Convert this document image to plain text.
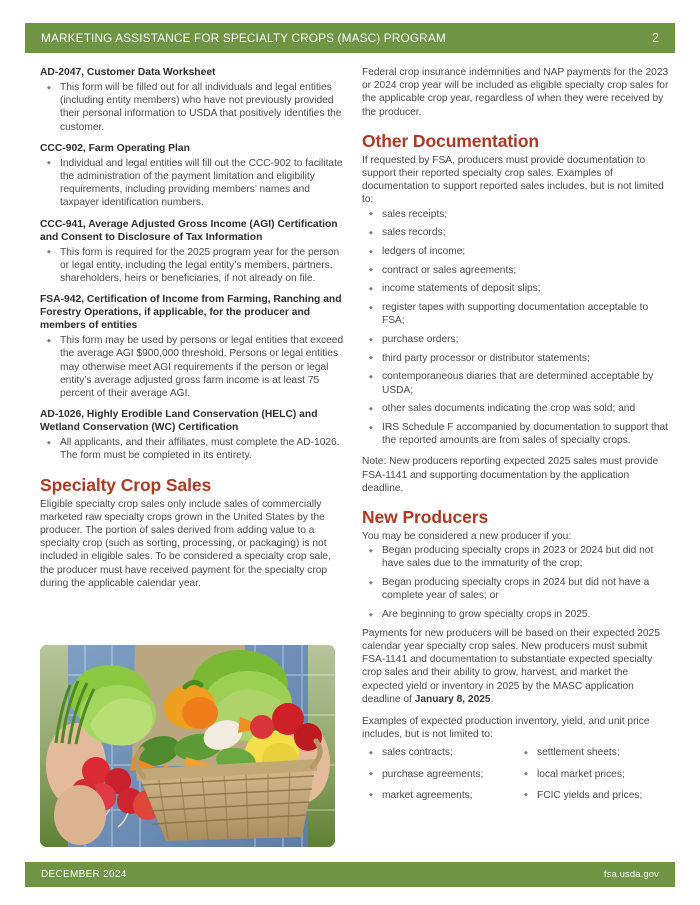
MARKETING ASSISTANCE FOR SPECIALTY CROPS (MASC) PROGRAM	2

AD-2047, Customer Data Worksheet

◆ This form will be filled out for all individuals and legal entities (including entity members) who have not previously provided their personal information to USDA that positively identifies the customer.

CCC-902, Farm Operating Plan

◆ Individual and legal entities will fill out the CCC-902 to facilitate the administration of the payment limitation and eligibility requirements, including providing members’ names and taxpayer identification numbers.

CCC-941, Average Adjusted Gross Income (AGI) Certification and Consent to Disclosure of Tax Information

◆ This form is required for the 2025 program year for the person or legal entity, including the legal entity’s members, partners, shareholders, heirs or beneficiaries, if not already on file.

FSA-942, Certification of Income from Farming, Ranching and Forestry Operations, if applicable, for the producer and members of entities

◆ This form may be used by persons or legal entities that exceed the average AGI $900,000 threshold. Persons or legal entities may otherwise meet AGI requirements if the person or legal entity’s average adjusted gross farm income is at least 75 percent of their average AGI.

AD-1026, Highly Erodible Land Conservation (HELC) and Wetland Conservation (WC) Certification

◆ All applicants, and their affiliates, must complete the AD-1026. The form must be completed in its entirety.
Specialty Crop Sales

Eligible specialty crop sales only include sales of commercially marketed raw specialty crops grown in the United States by the producer. The portion of sales derived from adding value to a specialty crop (such as sorting, processing, or packaging) is not included in eligible sales. To be considered a specialty crop sale, the producer must have received payment for the specialty crop during the applicable calendar year.

Federal crop insurance indemnities and NAP payments for the 2023 or 2024 crop year will be included as eligible specialty crop sales for the applicable crop year, regardless of when they were received by the producer.

Other Documentation

If requested by FSA, producers must provide documentation to support their reported specialty crop sales. Examples of documentation to support reported sales includes, but is not limited to:

◆ sales receipts;
◆ sales records;
◆ ledgers of income;
◆ contract or sales agreements;
◆ income statements of deposit slips;
◆ register tapes with supporting documentation acceptable to FSA;
◆ purchase orders;
◆ third party processor or distributor statements;
◆ contemporaneous diaries that are determined acceptable by USDA;
◆ other sales documents indicating the crop was sold; and
◆ IRS Schedule F accompanied by documentation to support that the reported amounts are from sales of specialty crops.

Note: New producers reporting expected 2025 sales must provide FSA-1141 and supporting documentation by the application deadline.

New Producers

You may be considered a new producer if you:

◆ Began producing specialty crops in 2023 or 2024 but did not have sales due to the immaturity of the crop;
◆ Began producing specialty crops in 2024 but did not have a complete year of sales; or
◆ Are beginning to grow specialty crops in 2025.

Payments for new producers will be based on their expected 2025 calendar year specialty crop sales. New producers must submit FSA-1141 and documentation to substantiate expected specialty crop sales and their ability to grow, harvest, and market the expected yield or inventory in 2025 by the MASC application deadline of January 8, 2025.

Examples of expected production inventory, yield, and unit price includes, but is not limited to:

◆ sales contracts;
◆ purchase agreements;
◆ market agreements;
◆ settlement sheets;
◆ local market prices;
◆ FCIC yields and prices;
DECEMBER 2024	fsa.usda.gov
